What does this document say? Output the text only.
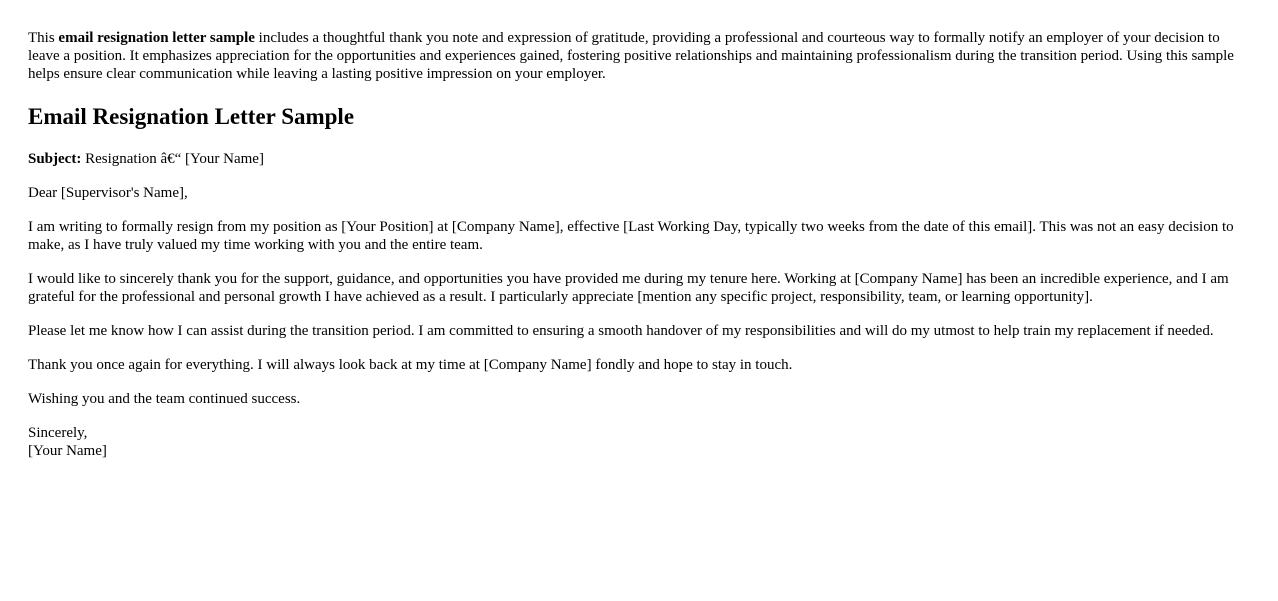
This email resignation letter sample includes a thoughtful thank you note and expression of gratitude, providing a professional and courteous way to formally notify an employer of your decision to leave a position. It emphasizes appreciation for the opportunities and experiences gained, fostering positive relationships and maintaining professionalism during the transition period. Using this sample helps ensure clear communication while leaving a lasting positive impression on your employer.

Email Resignation Letter Sample

Subject: Resignation â€“ [Your Name]

Dear [Supervisor's Name],

I am writing to formally resign from my position as [Your Position] at [Company Name], effective [Last Working Day, typically two weeks from the date of this email]. This was not an easy decision to make, as I have truly valued my time working with you and the entire team.

I would like to sincerely thank you for the support, guidance, and opportunities you have provided me during my tenure here. Working at [Company Name] has been an incredible experience, and I am grateful for the professional and personal growth I have achieved as a result. I particularly appreciate [mention any specific project, responsibility, team, or learning opportunity].

Please let me know how I can assist during the transition period. I am committed to ensuring a smooth handover of my responsibilities and will do my utmost to help train my replacement if needed.

Thank you once again for everything. I will always look back at my time at [Company Name] fondly and hope to stay in touch.

Wishing you and the team continued success.

Sincerely,
[Your Name]
